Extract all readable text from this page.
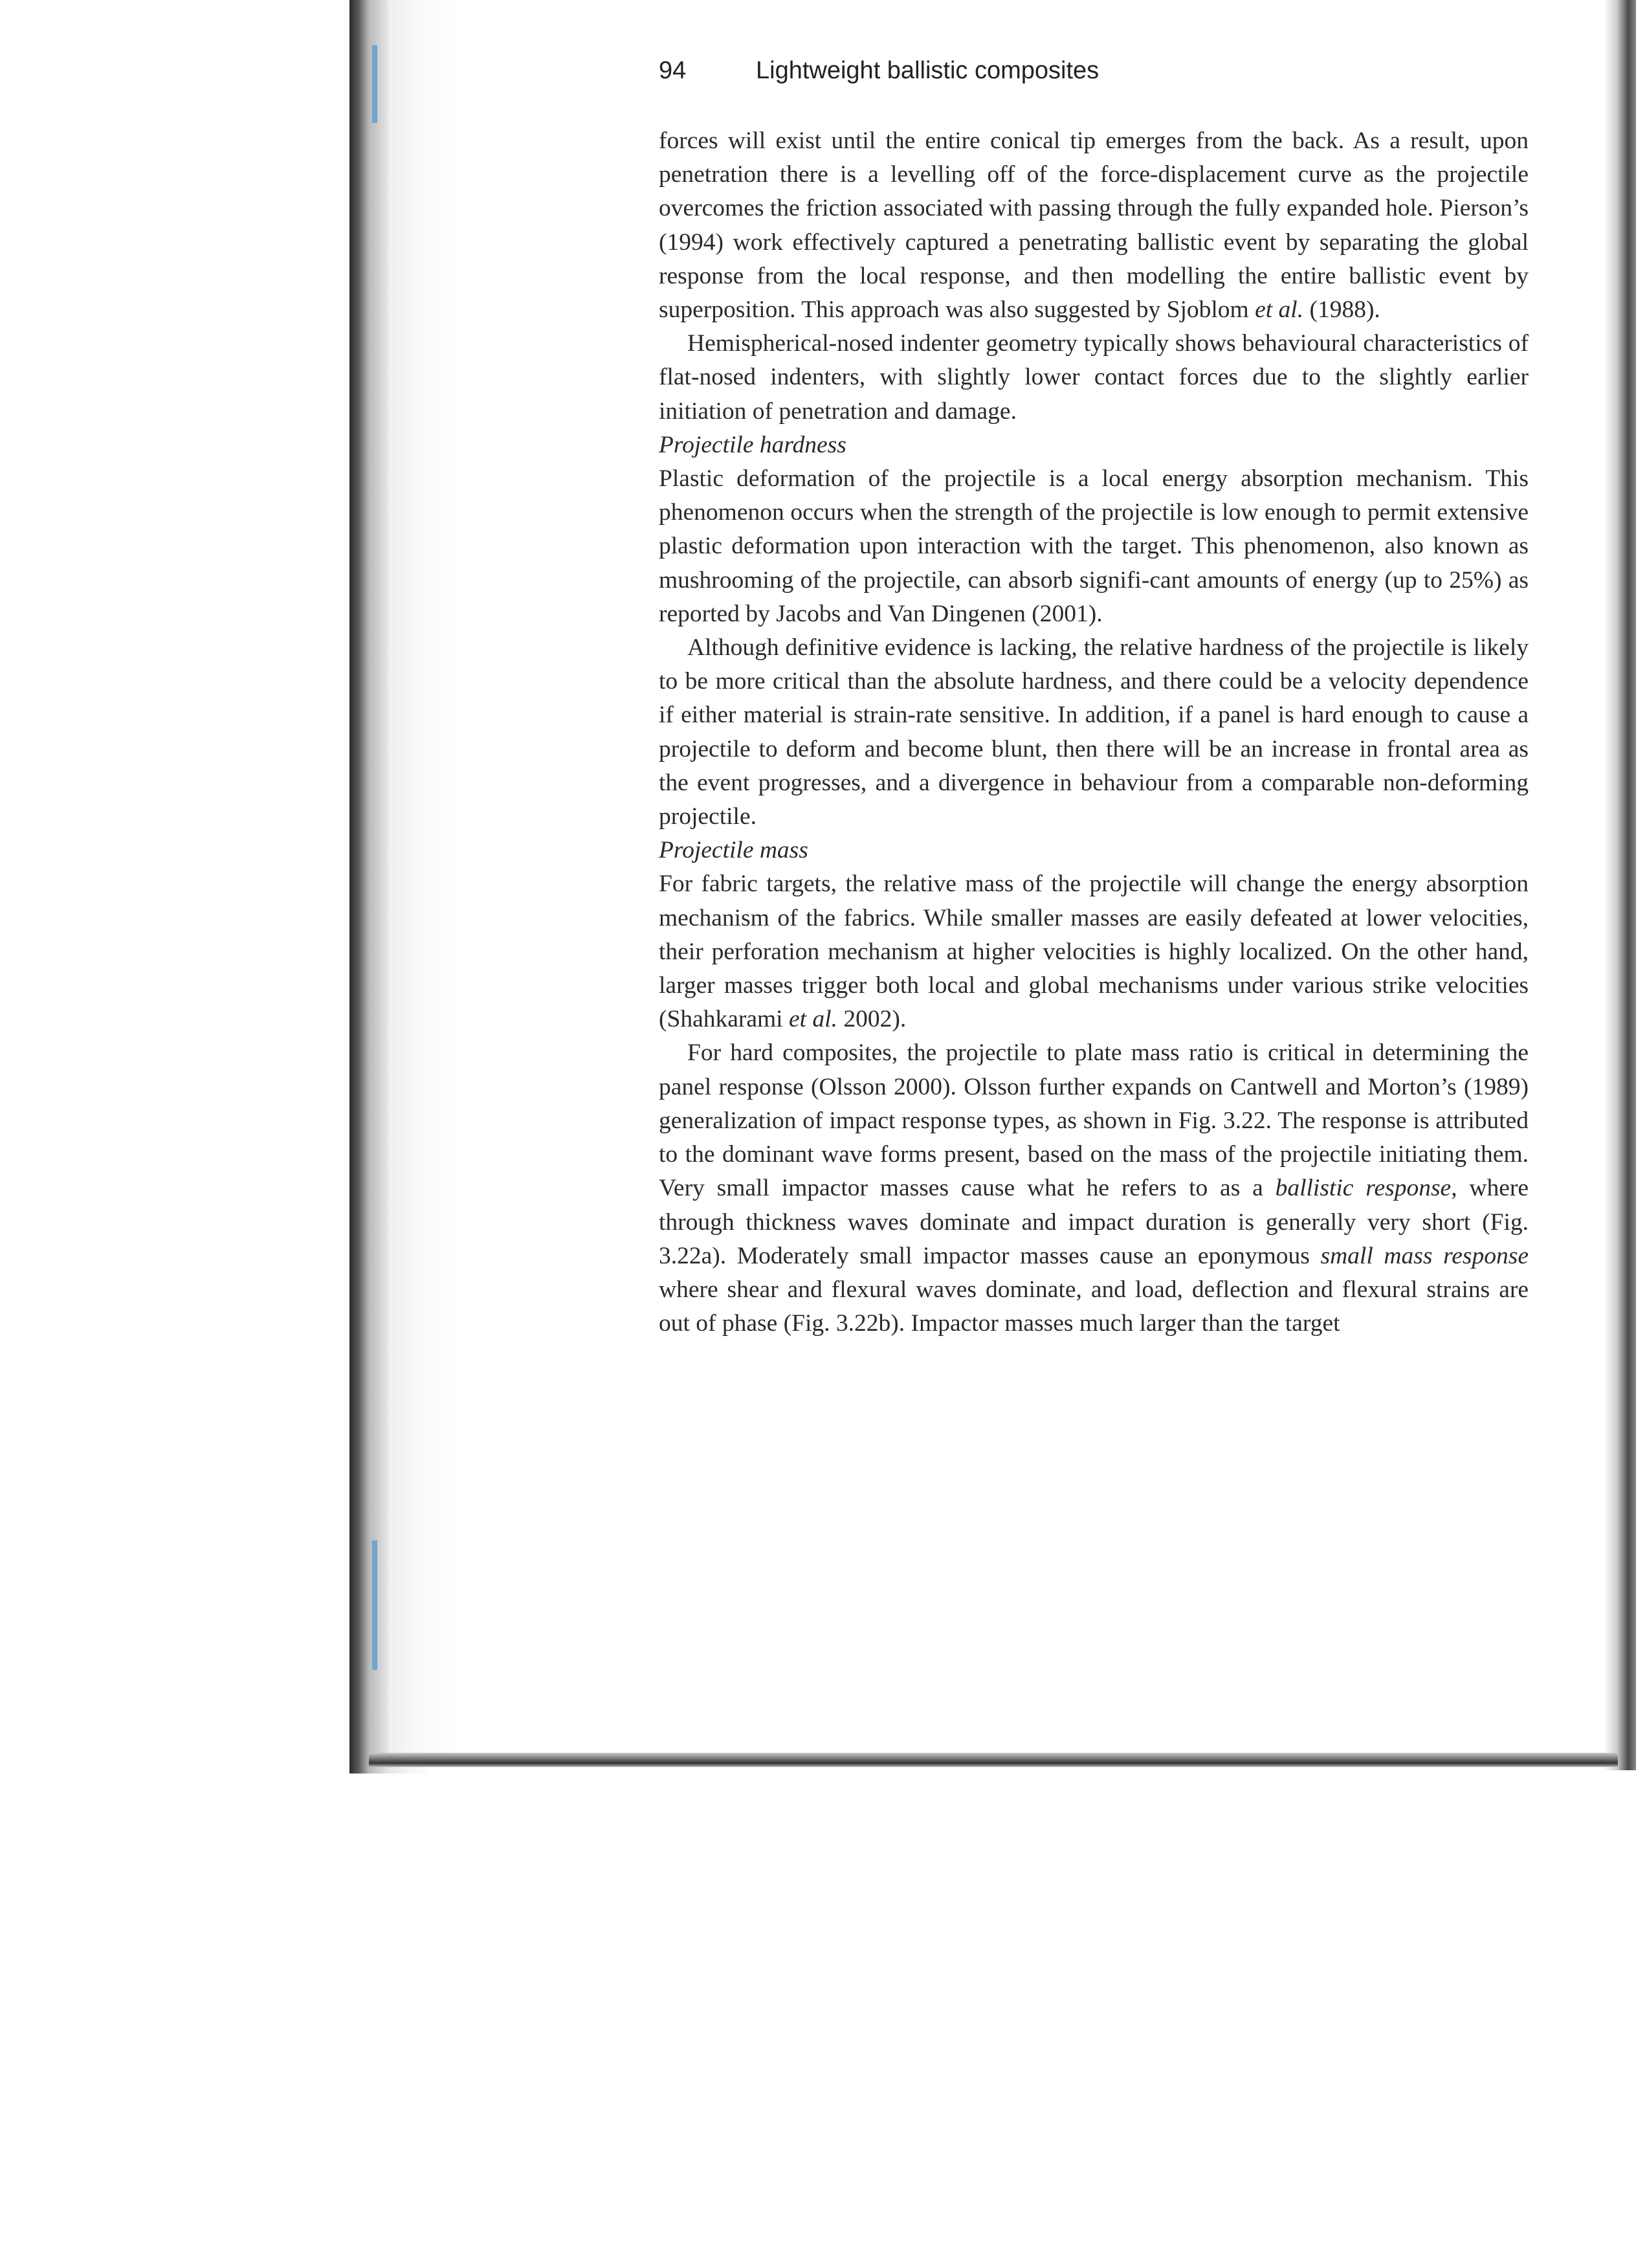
94	Lightweight ballistic composites

forces will exist until the entire conical tip emerges from the back. As a result, upon penetration there is a levelling off of the force-displacement curve as the projectile overcomes the friction associated with passing through the fully expanded hole. Pierson’s (1994) work effectively captured a penetrating ballistic event by separating the global response from the local response, and then modelling the entire ballistic event by superposition. This approach was also suggested by Sjoblom et al. (1988).

Hemispherical-nosed indenter geometry typically shows behavioural characteristics of flat-nosed indenters, with slightly lower contact forces due to the slightly earlier initiation of penetration and damage.

Projectile hardness

Plastic deformation of the projectile is a local energy absorption mechanism. This phenomenon occurs when the strength of the projectile is low enough to permit extensive plastic deformation upon interaction with the target. This phenomenon, also known as mushrooming of the projectile, can absorb signifi-cant amounts of energy (up to 25%) as reported by Jacobs and Van Dingenen (2001).

Although definitive evidence is lacking, the relative hardness of the projectile is likely to be more critical than the absolute hardness, and there could be a velocity dependence if either material is strain-rate sensitive. In addition, if a panel is hard enough to cause a projectile to deform and become blunt, then there will be an increase in frontal area as the event progresses, and a divergence in behaviour from a comparable non-deforming projectile.

Projectile mass

For fabric targets, the relative mass of the projectile will change the energy absorption mechanism of the fabrics. While smaller masses are easily defeated at lower velocities, their perforation mechanism at higher velocities is highly localized. On the other hand, larger masses trigger both local and global mechanisms under various strike velocities (Shahkarami et al. 2002).

For hard composites, the projectile to plate mass ratio is critical in determining the panel response (Olsson 2000). Olsson further expands on Cantwell and Morton’s (1989) generalization of impact response types, as shown in Fig. 3.22. The response is attributed to the dominant wave forms present, based on the mass of the projectile initiating them. Very small impactor masses cause what he refers to as a ballistic response, where through thickness waves dominate and impact duration is generally very short (Fig. 3.22a). Moderately small impactor masses cause an eponymous small mass response where shear and flexural waves dominate, and load, deflection and flexural strains are out of phase (Fig. 3.22b). Impactor masses much larger than the target
